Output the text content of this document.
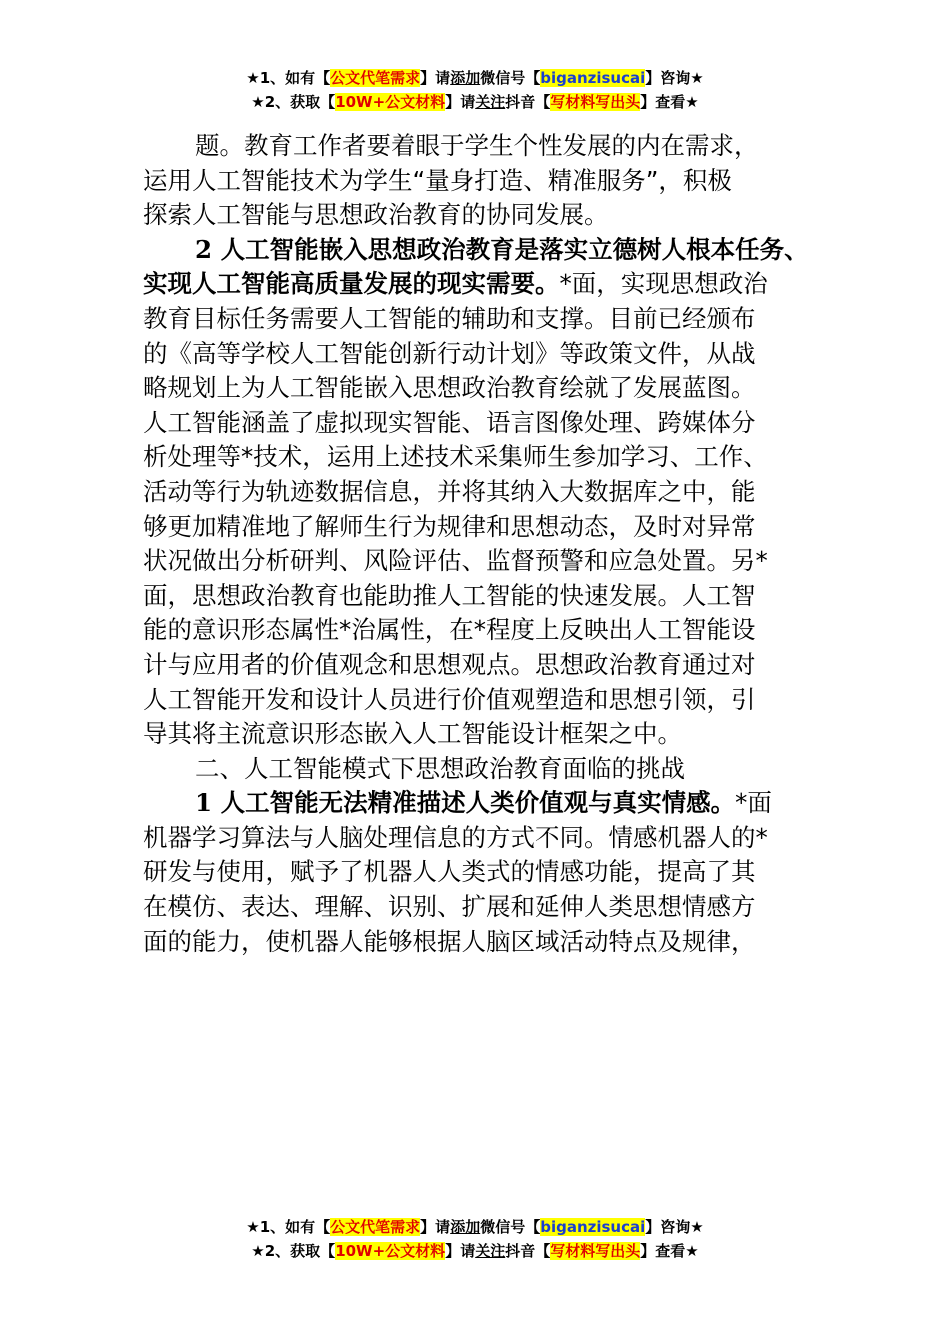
★1、如有【公文代笔需求】请添加微信号【biganzisucai】咨询★
★2、获取【10W+公文材料】请关注抖音【写材料写出头】查看★
题。教育工作者要着眼于学生个性发展的内在需求，
运用人工智能技术为学生“量身打造、精准服务”，积极
探索人工智能与思想政治教育的协同发展。
2 人工智能嵌入思想政治教育是落实立德树人根本任务、
实现人工智能高质量发展的现实需要。*面，实现思想政治
教育目标任务需要人工智能的辅助和支撑。目前已经颁布
的《高等学校人工智能创新行动计划》等政策文件，从战
略规划上为人工智能嵌入思想政治教育绘就了发展蓝图。
人工智能涵盖了虚拟现实智能、语言图像处理、跨媒体分
析处理等*技术，运用上述技术采集师生参加学习、工作、
活动等行为轨迹数据信息，并将其纳入大数据库之中，能
够更加精准地了解师生行为规律和思想动态，及时对异常
状况做出分析研判、风险评估、监督预警和应急处置。另*
面，思想政治教育也能助推人工智能的快速发展。人工智
能的意识形态属性*治属性，在*程度上反映出人工智能设
计与应用者的价值观念和思想观点。思想政治教育通过对
人工智能开发和设计人员进行价值观塑造和思想引领，引
导其将主流意识形态嵌入人工智能设计框架之中。
二、人工智能模式下思想政治教育面临的挑战
1 人工智能无法精准描述人类价值观与真实情感。*面
机器学习算法与人脑处理信息的方式不同。情感机器人的*
研发与使用，赋予了机器人人类式的情感功能，提高了其
在模仿、表达、理解、识别、扩展和延伸人类思想情感方
面的能力，使机器人能够根据人脑区域活动特点及规律，
★1、如有【公文代笔需求】请添加微信号【biganzisucai】咨询★
★2、获取【10W+公文材料】请关注抖音【写材料写出头】查看★
